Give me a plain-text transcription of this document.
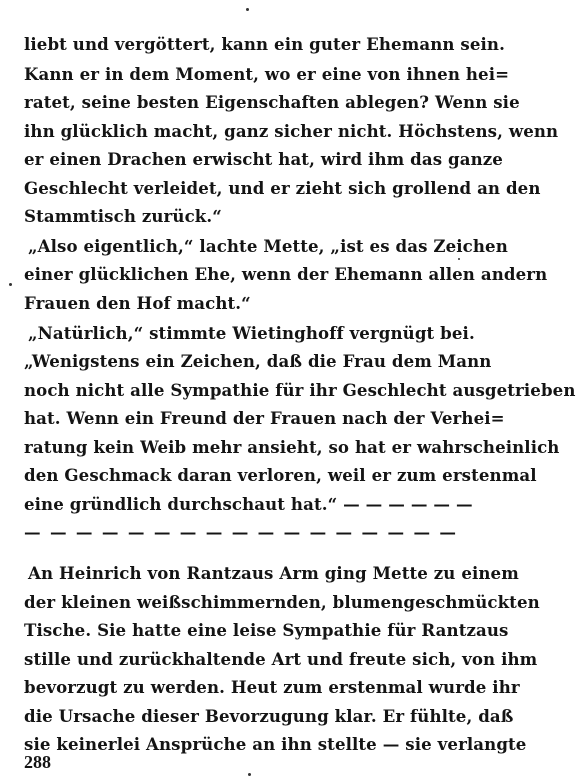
liebt und vergöttert, kann ein guter Ehemann sein.
Kann er in dem Moment, wo er eine von ihnen hei=
ratet, seine besten Eigenschaften ablegen? Wenn sie
ihn glücklich macht, ganz sicher nicht. Höchstens, wenn
er einen Drachen erwischt hat, wird ihm das ganze
Geschlecht verleidet, und er zieht sich grollend an den
Stammtisch zurück.“
„Also eigentlich,“ lachte Mette, „ist es das Zeichen
einer glücklichen Ehe, wenn der Ehemann allen andern
Frauen den Hof macht.“
„Natürlich,“ stimmte Wietinghoff vergnügt bei.
„Wenigstens ein Zeichen, daß die Frau dem Mann
noch nicht alle Sympathie für ihr Geschlecht ausgetrieben
hat. Wenn ein Freund der Frauen nach der Verhei=
ratung kein Weib mehr ansieht, so hat er wahrscheinlich
den Geschmack daran verloren, weil er zum erstenmal
eine gründlich durchschaut hat.“ — — — — — —
— — — — — — — — — — — — — — — — —
An Heinrich von Rantzaus Arm ging Mette zu einem
der kleinen weißschimmernden, blumengeschmückten
Tische. Sie hatte eine leise Sympathie für Rantzaus
stille und zurückhaltende Art und freute sich, von ihm
bevorzugt zu werden. Heut zum erstenmal wurde ihr
die Ursache dieser Bevorzugung klar. Er fühlte, daß
sie keinerlei Ansprüche an ihn stellte — sie verlangte
288
